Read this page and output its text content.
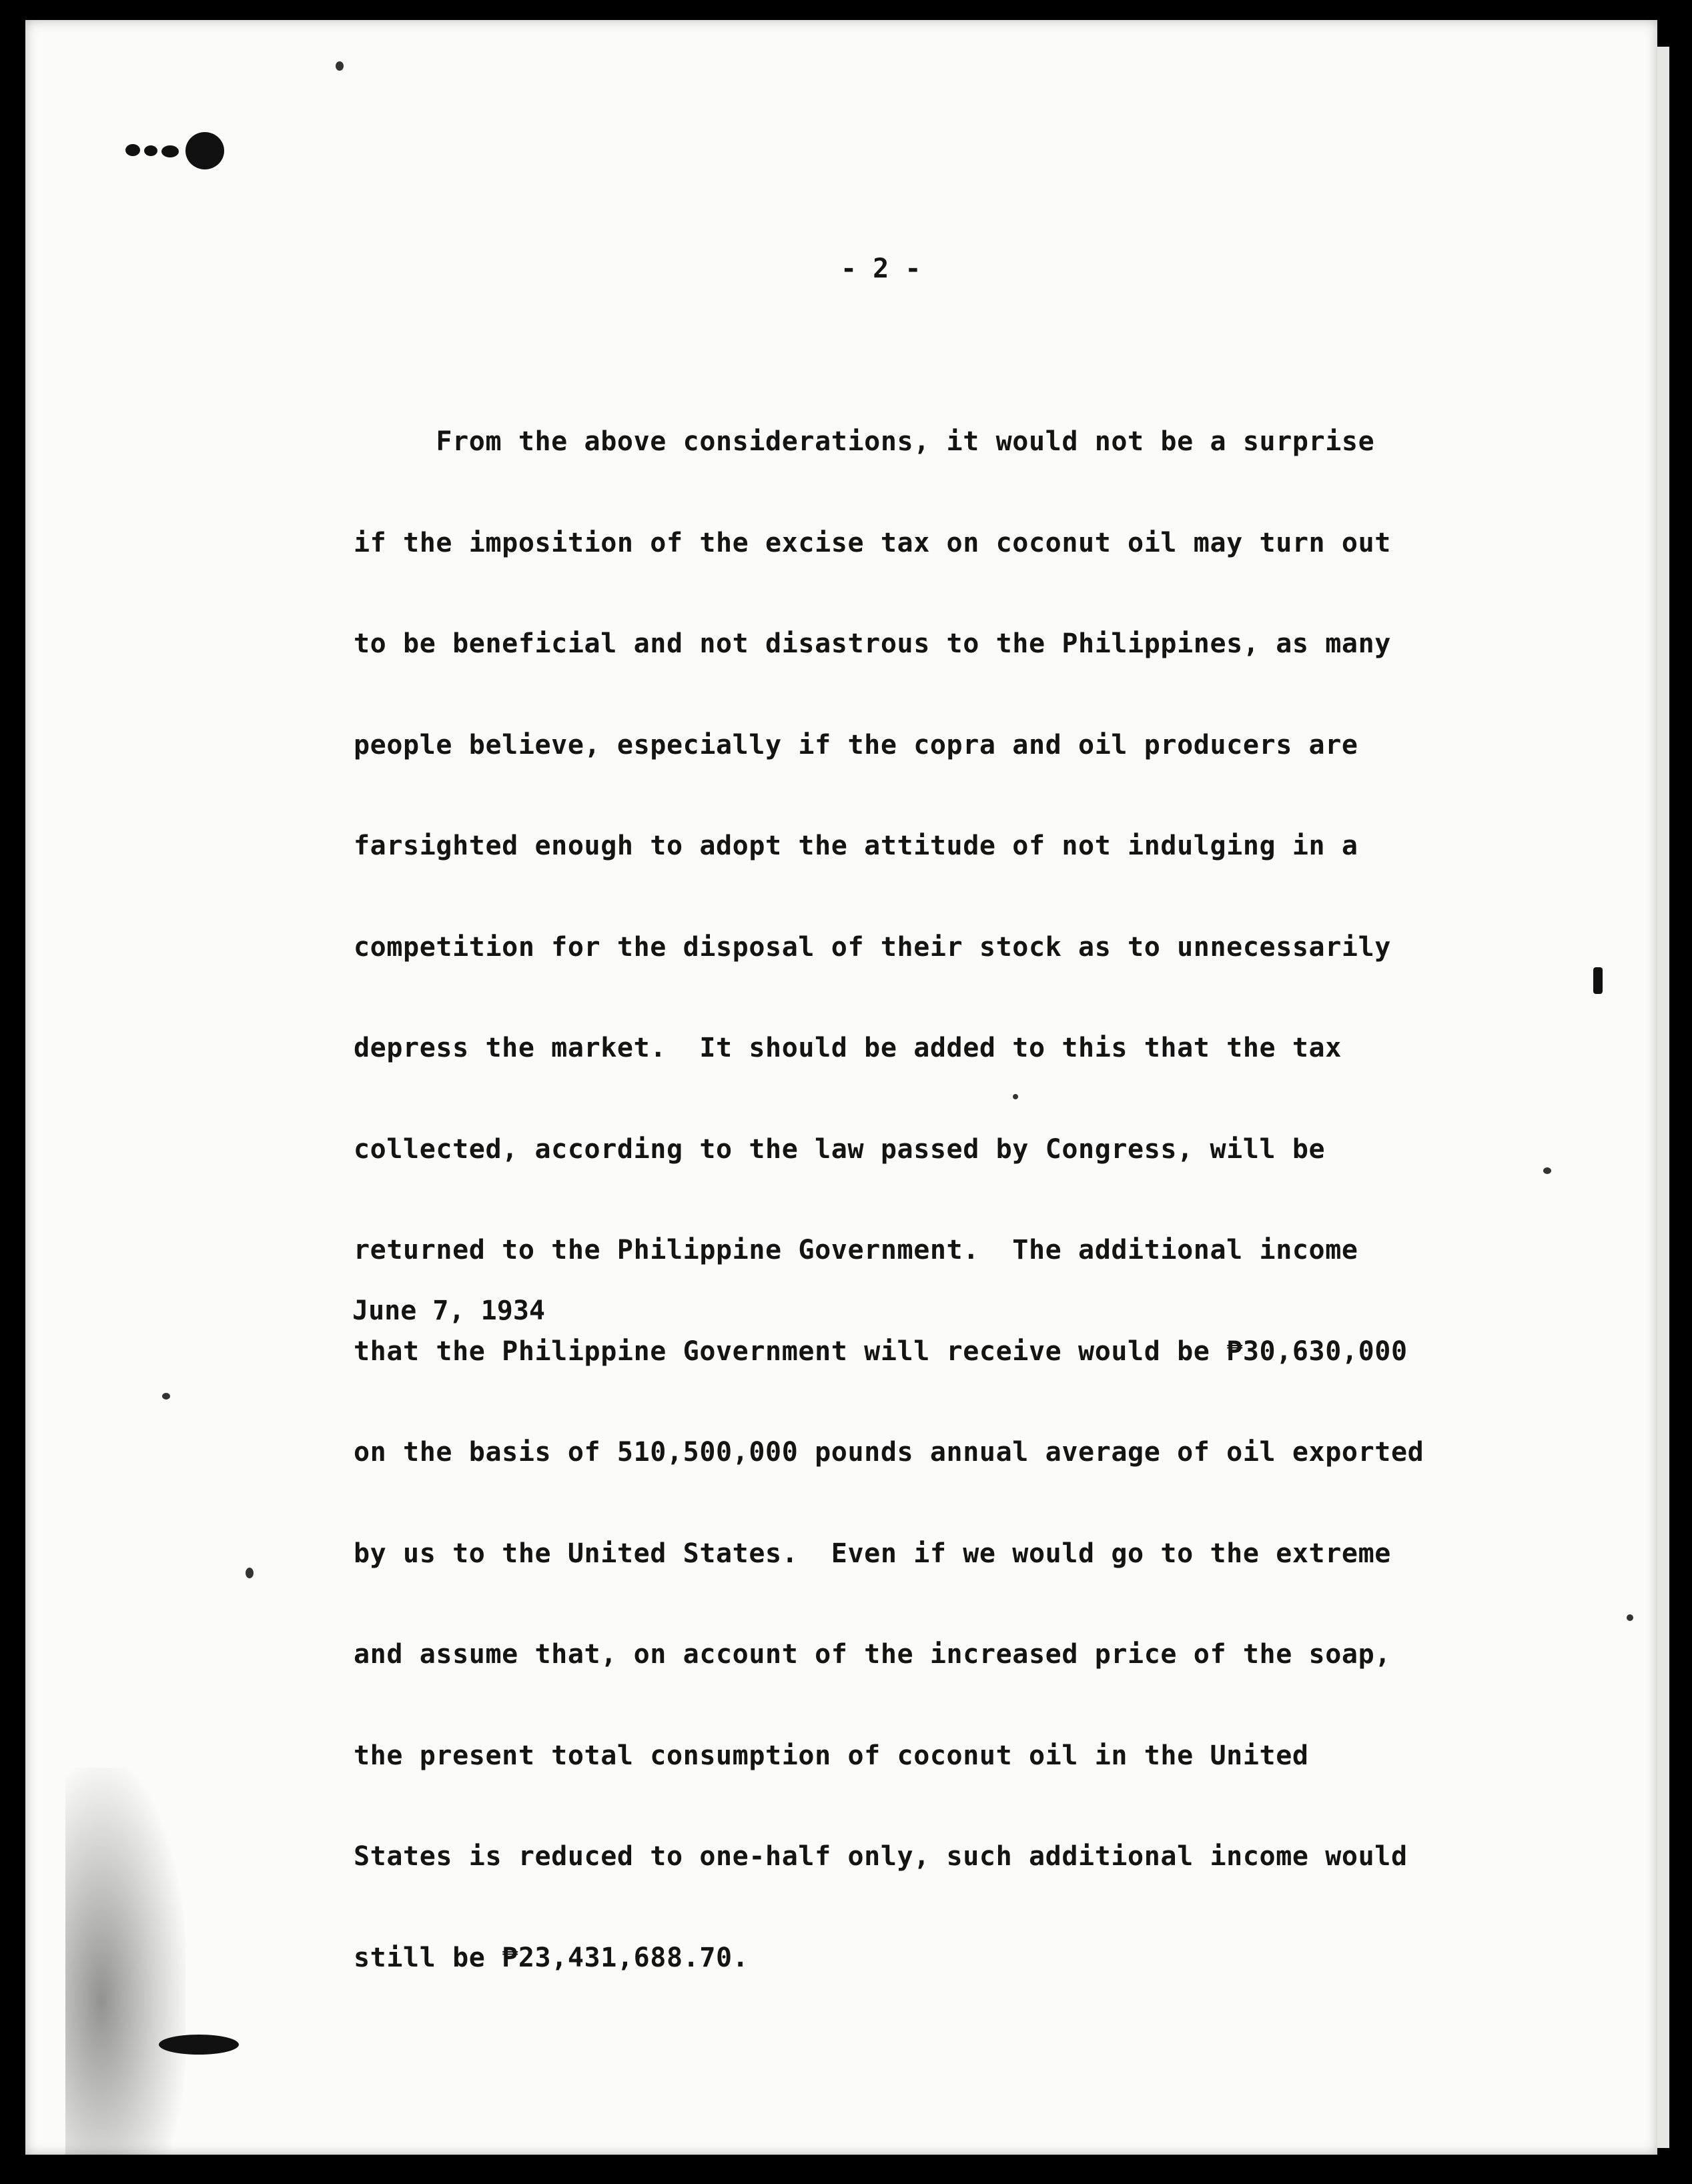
- 2 -

From the above considerations, it would not be a surprise

if the imposition of the excise tax on coconut oil may turn out

to be beneficial and not disastrous to the Philippines, as many

people believe, especially if the copra and oil producers are

farsighted enough to adopt the attitude of not indulging in a

competition for the disposal of their stock as to unnecessarily

depress the market.  It should be added to this that the tax

collected, according to the law passed by Congress, will be

returned to the Philippine Government.  The additional income

that the Philippine Government will receive would be ₱30,630,000

on the basis of 510,500,000 pounds annual average of oil exported

by us to the United States.  Even if we would go to the extreme

and assume that, on account of the increased price of the soap,

the present total consumption of coconut oil in the United

States is reduced to one-half only, such additional income would

still be ₱23,431,688.70.

June 7, 1934
